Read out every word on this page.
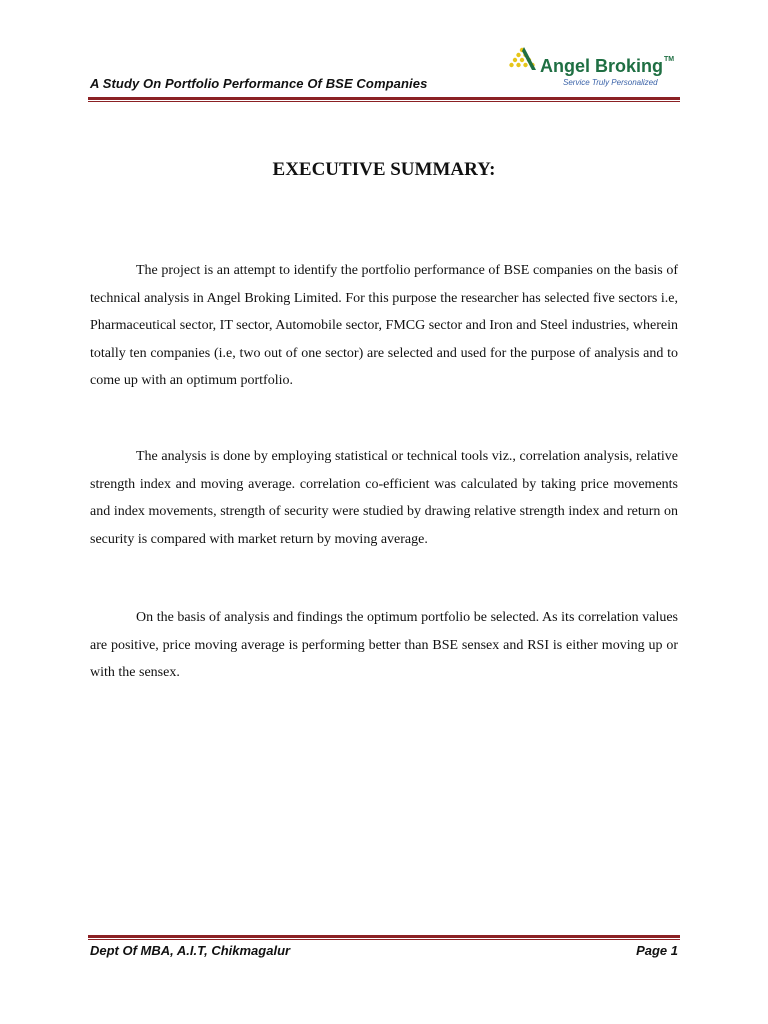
A Study On Portfolio Performance Of BSE Companies
Angel Broking™
Service Truly Personalized
EXECUTIVE SUMMARY:

The project is an attempt to identify the portfolio performance of BSE companies on the basis of technical analysis in Angel Broking Limited. For this purpose the researcher has selected five sectors i.e, Pharmaceutical sector, IT sector, Automobile sector, FMCG sector and Iron and Steel industries, wherein totally ten companies (i.e, two out of one sector) are selected and used for the purpose of analysis and to come up with an optimum portfolio.

The analysis is done by employing statistical or technical tools viz., correlation analysis, relative strength index and moving average. correlation co-efficient was calculated by taking price movements and index movements, strength of security were studied by drawing relative strength index and return on security is compared with market return by moving average.

On the basis of analysis and findings the optimum portfolio be selected. As its correlation values are positive, price moving average is performing better than BSE sensex and RSI is either moving up or with the sensex.

Dept Of MBA, A.I.T, Chikmagalur	Page 1
